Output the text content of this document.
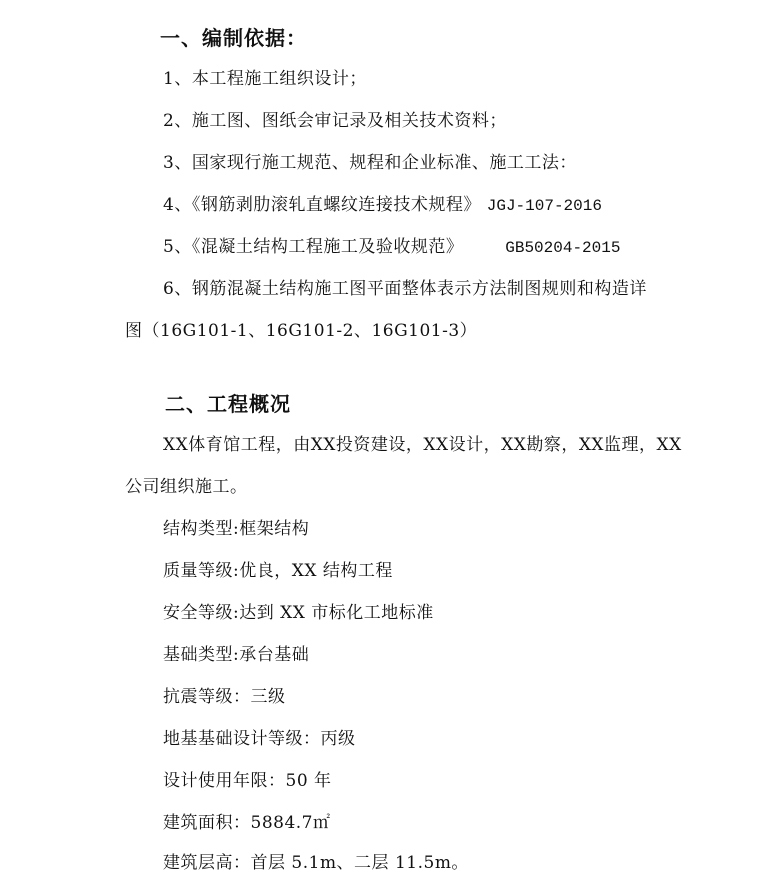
一、编制依据：
1、本工程施工组织设计；
2、施工图、图纸会审记录及相关技术资料；
3、国家现行施工规范、规程和企业标准、施工工法：
4、《钢筋剥肋滚轧直螺纹连接技术规程》 JGJ-107-2016
5、《混凝土结构工程施工及验收规范》	GB50204-2015
6、钢筋混凝土结构施工图平面整体表示方法制图规则和构造详
图（16G101-1、16G101-2、16G101-3）
二、工程概况
XX体育馆工程，由XX投资建设，XX设计，XX勘察，XX监理，XX
公司组织施工。
结构类型:框架结构
质量等级:优良，XX 结构工程
安全等级:达到 XX 市标化工地标准
基础类型:承台基础
抗震等级：三级
地基基础设计等级：丙级
设计使用年限：50 年
建筑面积：5884.7㎡
建筑层高：首层 5.1m、二层 11.5m。
